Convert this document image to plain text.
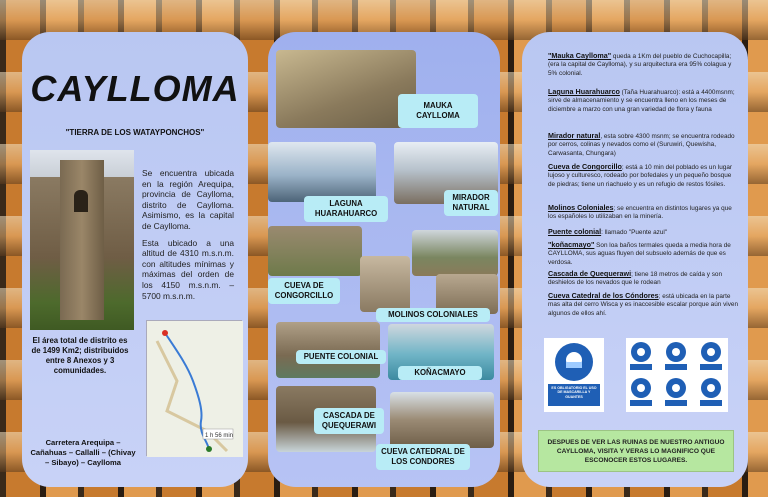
CAYLLOMA
"TIERRA DE LOS WATAYPONCHOS"

Se encuentra ubicada en la región Arequipa, provincia de Caylloma, distrito de Caylloma. Asimismo, es la capital de Caylloma.

Esta ubicado a una altitud de 4310 m.s.n.m. con altitudes mínimas y máximas del orden de los 4150 m.s.n.m. – 5700 m.s.n.m.

El área total de distrito es de 1499 Km2; distribuidos entre 8 Anexos y 3 comunidades.
1 h 56 min
Carretera Arequipa – Cañahuas – Callalli – (Chivay – Sibayo) – Caylloma
MAUKA CAYLLOMA
LAGUNA HUARAHUARCO
MIRADOR NATURAL
CUEVA DE CONGORCILLO
MOLINOS COLONIALES
PUENTE COLONIAL
KOÑACMAYO
CASCADA DE QUEQUERAWI
CUEVA CATEDRAL DE LOS CONDORES
"Mauka Caylloma" queda a 1Km del pueblo de Cuchocapilla; (era la capital de Caylloma), y su arquitectura era 95% colagua y 5% colonial.
Laguna Huarahuarco (Taña Huarahuarco): está a 4400msnm; sirve de almacenamiento y se encuentra lleno en los meses de diciembre a marzo con una gran variedad de flora y fauna
Mirador natural, esta sobre 4300 msnm; se encuentra rodeado por cerros, colinas y nevados como el (Suruwiri, Quewisha, Carwasanta, Chungara)
Cueva de Congorcillo; está a 10 min del poblado es un lugar lujoso y culturesco, rodeado por bofedales y un pequeño bosque de piedras; tiene un riachuelo y es un refugio de restos fósiles.
Molinos Coloniales; se encuentra en distintos lugares ya que los españoles lo utilizaban en la minería.
Puente colonial: llamado "Puente azul"
"koñacmayo" Son loa baños termales queda a media hora de CAYLLOMA, sus aguas fluyen del subsuelo además de que es verdosa.
Cascada de Quequerawi; tiene 18 metros de caída y son deshielos de los nevados que le rodean
Cueva Catedral de los Cóndores; está ubicada en la parte mas alta del cerro Wisca y es inaccesible escalar porque aún viven algunos de ellos ahí.
ES OBLIGATORIO EL USO DE MASCARILLA Y GUANTES
DESPUES DE VER LAS RUINAS DE NUESTRO ANTIGUO CAYLLOMA, VISITA Y VERAS LO MAGNIFICO QUE ESCONOCER ESTOS LUGARES.
